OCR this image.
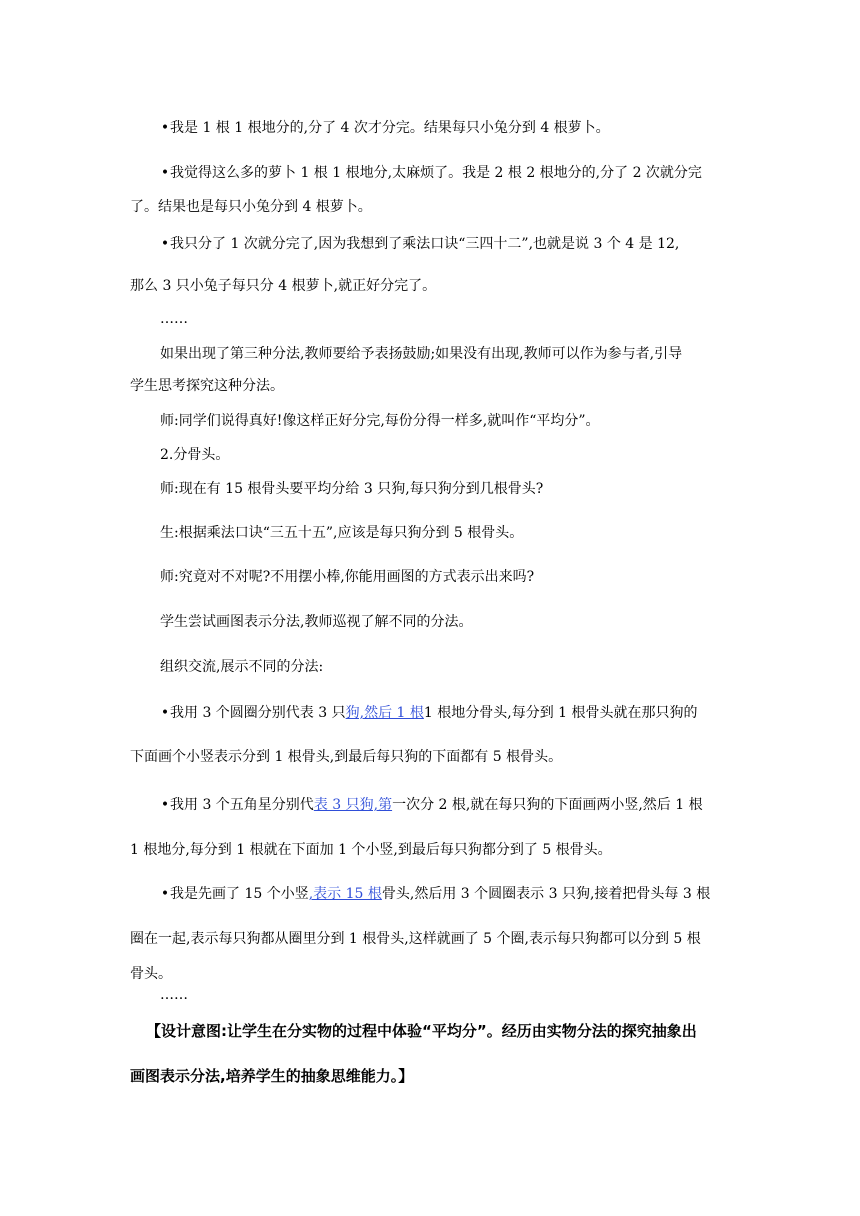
•我是 1 根 1 根地分的,分了 4 次才分完。结果每只小兔分到 4 根萝卜。
•我觉得这么多的萝卜 1 根 1 根地分,太麻烦了。我是 2 根 2 根地分的,分了 2 次就分完
了。结果也是每只小兔分到 4 根萝卜。
•我只分了 1 次就分完了,因为我想到了乘法口诀“三四十二”,也就是说 3 个 4 是 12,
那么 3 只小兔子每只分 4 根萝卜,就正好分完了。
……
如果出现了第三种分法,教师要给予表扬鼓励;如果没有出现,教师可以作为参与者,引导
学生思考探究这种分法。
师:同学们说得真好!像这样正好分完,每份分得一样多,就叫作“平均分”。
2.分骨头。
师:现在有 15 根骨头要平均分给 3 只狗,每只狗分到几根骨头?
生:根据乘法口诀“三五十五”,应该是每只狗分到 5 根骨头。
师:究竟对不对呢?不用摆小棒,你能用画图的方式表示出来吗?
学生尝试画图表示分法,教师巡视了解不同的分法。
组织交流,展示不同的分法:
•我用 3 个圆圈分别代表 3 只狗,然后 1 根1 根地分骨头,每分到 1 根骨头就在那只狗的
下面画个小竖表示分到 1 根骨头,到最后每只狗的下面都有 5 根骨头。
•我用 3 个五角星分别代表 3 只狗,第一次分 2 根,就在每只狗的下面画两小竖,然后 1 根
1 根地分,每分到 1 根就在下面加 1 个小竖,到最后每只狗都分到了 5 根骨头。
•我是先画了 15 个小竖,表示 15 根骨头,然后用 3 个圆圈表示 3 只狗,接着把骨头每 3 根
圈在一起,表示每只狗都从圈里分到 1 根骨头,这样就画了 5 个圈,表示每只狗都可以分到 5 根
骨头。
……
【设计意图:让学生在分实物的过程中体验“平均分”。经历由实物分法的探究抽象出
画图表示分法,培养学生的抽象思维能力。】
